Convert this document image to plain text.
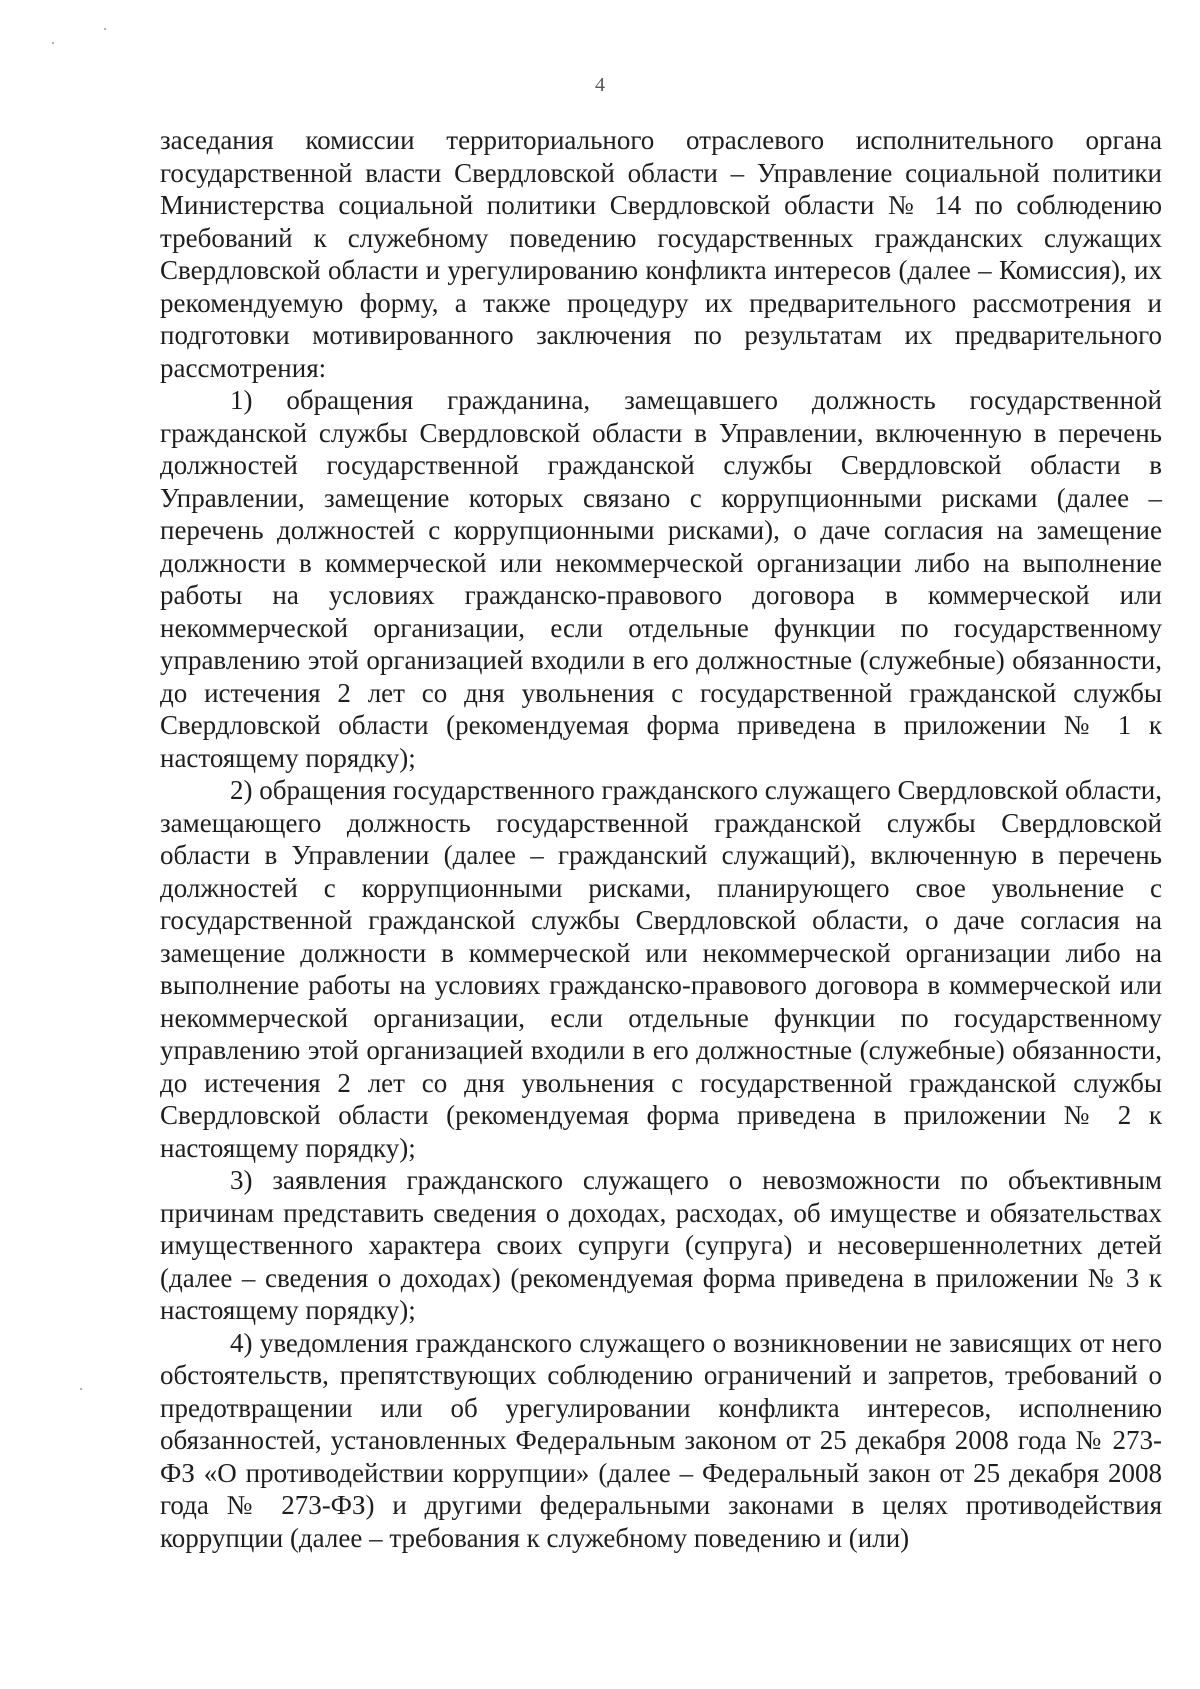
4

заседания комиссии территориального отраслевого исполнительного органа государственной власти Свердловской области – Управление социальной политики Министерства социальной политики Свердловской области № 14 по соблюдению требований к служебному поведению государственных гражданских служащих Свердловской области и урегулированию конфликта интересов (далее – Комиссия), их рекомендуемую форму, а также процедуру их предварительного рассмотрения и подготовки мотивированного заключения по результатам их предварительного рассмотрения:

1) обращения гражданина, замещавшего должность государственной гражданской службы Свердловской области в Управлении, включенную в перечень должностей государственной гражданской службы Свердловской области в Управлении, замещение которых связано с коррупционными рисками (далее – перечень должностей с коррупционными рисками), о даче согласия на замещение должности в коммерческой или некоммерческой организации либо на выполнение работы на условиях гражданско-правового договора в коммерческой или некоммерческой организации, если отдельные функции по государственному управлению этой организацией входили в его должностные (служебные) обязанности, до истечения 2 лет со дня увольнения с государственной гражданской службы Свердловской области (рекомендуемая форма приведена в приложении № 1 к настоящему порядку);

2) обращения государственного гражданского служащего Свердловской области, замещающего должность государственной гражданской службы Свердловской области в Управлении (далее – гражданский служащий), включенную в перечень должностей с коррупционными рисками, планирующего свое увольнение с государственной гражданской службы Свердловской области, о даче согласия на замещение должности в коммерческой или некоммерческой организации либо на выполнение работы на условиях гражданско-правового договора в коммерческой или некоммерческой организации, если отдельные функции по государственному управлению этой организацией входили в его должностные (служебные) обязанности, до истечения 2 лет со дня увольнения с государственной гражданской службы Свердловской области (рекомендуемая форма приведена в приложении № 2 к настоящему порядку);

3) заявления гражданского служащего о невозможности по объективным причинам представить сведения о доходах, расходах, об имуществе и обязательствах имущественного характера своих супруги (супруга) и несовершеннолетних детей (далее – сведения о доходах) (рекомендуемая форма приведена в приложении № 3 к настоящему порядку);

4) уведомления гражданского служащего о возникновении не зависящих от него обстоятельств, препятствующих соблюдению ограничений и запретов, требований о предотвращении или об урегулировании конфликта интересов, исполнению обязанностей, установленных Федеральным законом от 25 декабря 2008 года № 273-ФЗ «О противодействии коррупции» (далее – Федеральный закон от 25 декабря 2008 года № 273-ФЗ) и другими федеральными законами в целях противодействия коррупции (далее – требования к служебному поведению и (или)
